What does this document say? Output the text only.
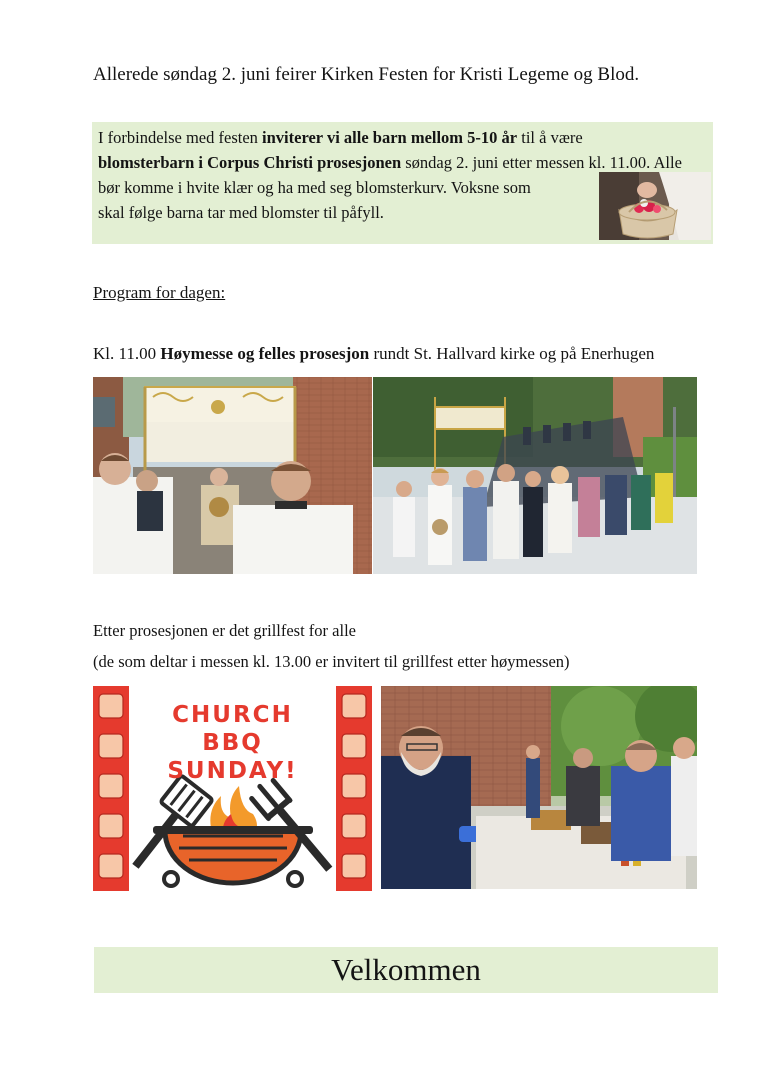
Allerede søndag 2. juni feirer Kirken Festen for Kristi Legeme og Blod.
I forbindelse med festen inviterer vi alle barn mellom 5-10 år til å være
blomsterbarn i Corpus Christi prosesjonen søndag 2. juni etter messen kl. 11.00. Alle
bør komme i hvite klær og ha med seg blomsterkurv. Voksne som
skal følge barna tar med blomster til påfyll.
Program for dagen:
Kl. 11.00 Høymesse og felles prosesjon rundt St. Hallvard kirke og på Enerhugen
Etter prosesjonen er det grillfest for alle
(de som deltar i messen kl. 13.00 er invitert til grillfest etter høymessen)
CHURCH
BBQ
SUNDAY!
Velkommen
